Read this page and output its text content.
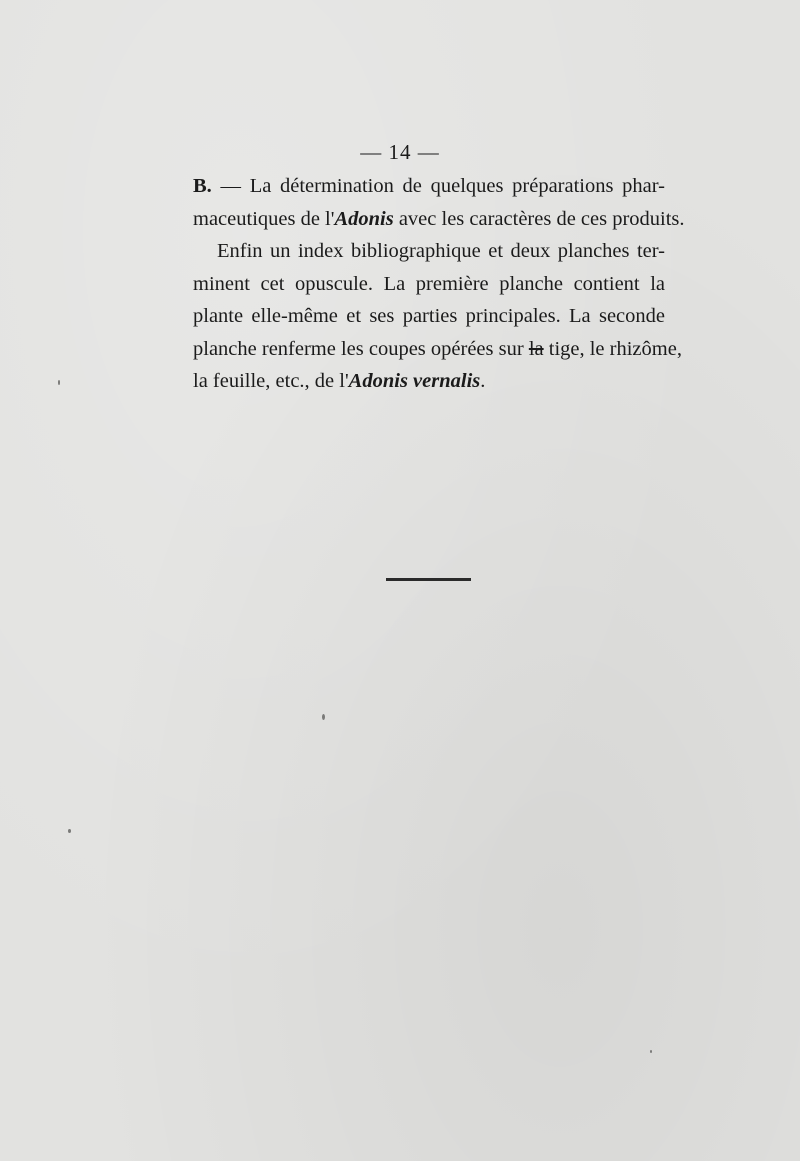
— 14 —

B. — La détermination de quelques préparations phar-
maceutiques de l'Adonis avec les caractères de ces produits.

Enfin un index bibliographique et deux planches ter-
minent cet opuscule. La première planche contient la
plante elle-même et ses parties principales. La seconde
planche renferme les coupes opérées sur la tige, le rhizôme,
la feuille, etc., de l'Adonis vernalis.
